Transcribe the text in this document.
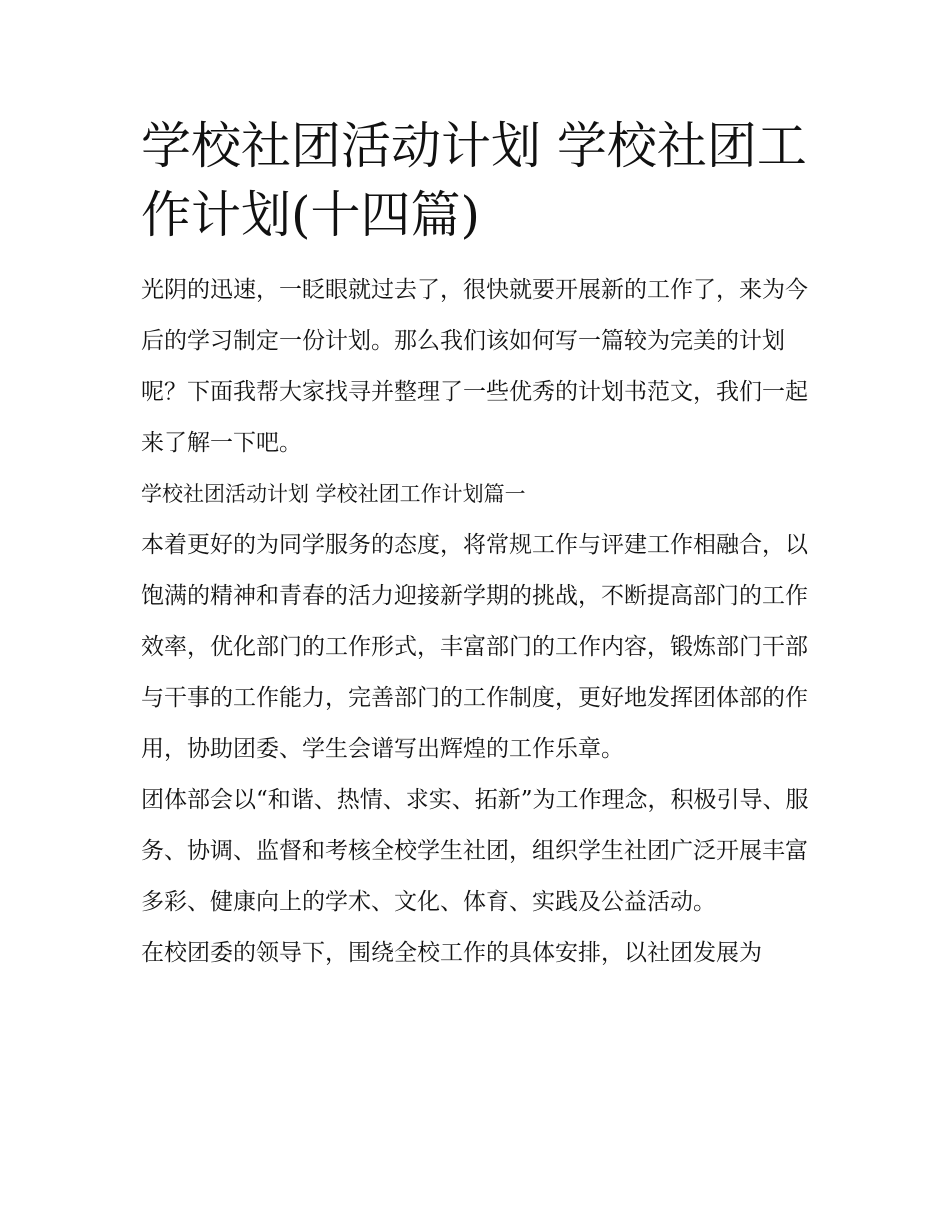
学校社团活动计划 学校社团工作计划(十四篇)

光阴的迅速，一眨眼就过去了，很快就要开展新的工作了，来为今后的学习制定一份计划。那么我们该如何写一篇较为完美的计划呢？下面我帮大家找寻并整理了一些优秀的计划书范文，我们一起来了解一下吧。

学校社团活动计划 学校社团工作计划篇一

本着更好的为同学服务的态度，将常规工作与评建工作相融合，以饱满的精神和青春的活力迎接新学期的挑战，不断提高部门的工作效率，优化部门的工作形式，丰富部门的工作内容，锻炼部门干部与干事的工作能力，完善部门的工作制度，更好地发挥团体部的作用，协助团委、学生会谱写出辉煌的工作乐章。

团体部会以“和谐、热情、求实、拓新”为工作理念，积极引导、服务、协调、监督和考核全校学生社团，组织学生社团广泛开展丰富多彩、健康向上的学术、文化、体育、实践及公益活动。

在校团委的领导下，围绕全校工作的具体安排，以社团发展为
